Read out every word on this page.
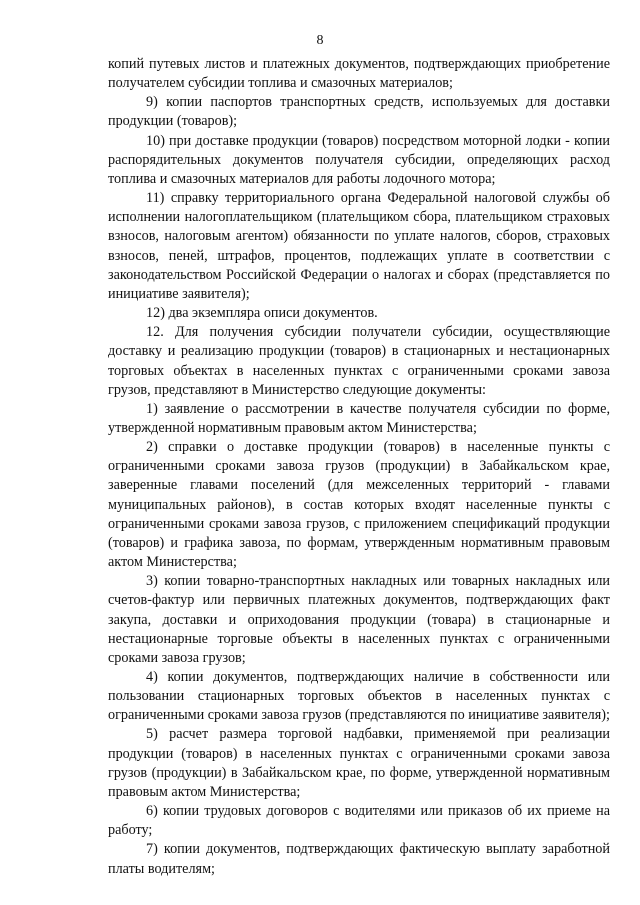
8

копий путевых листов и платежных документов, подтверждающих приобретение получателем субсидии топлива и смазочных материалов;

9) копии паспортов транспортных средств, используемых для доставки продукции (товаров);

10) при доставке продукции (товаров) посредством моторной лодки - копии распорядительных документов получателя субсидии, определяющих расход топлива и смазочных материалов для работы лодочного мотора;

11) справку территориального органа Федеральной налоговой службы об исполнении налогоплательщиком (плательщиком сбора, плательщиком страховых взносов, налоговым агентом) обязанности по уплате налогов, сборов, страховых взносов, пеней, штрафов, процентов, подлежащих уплате в соответствии с законодательством Российской Федерации о налогах и сборах (представляется по инициативе заявителя);

12) два экземпляра описи документов.

12. Для получения субсидии получатели субсидии, осуществляющие доставку и реализацию продукции (товаров) в стационарных и нестационарных торговых объектах в населенных пунктах с ограниченными сроками завоза грузов, представляют в Министерство следующие документы:

1) заявление о рассмотрении в качестве получателя субсидии по форме, утвержденной нормативным правовым актом Министерства;

2) справки о доставке продукции (товаров) в населенные пункты с ограниченными сроками завоза грузов (продукции) в Забайкальском крае, заверенные главами поселений (для межселенных территорий - главами муниципальных районов), в состав которых входят населенные пункты с ограниченными сроками завоза грузов, с приложением спецификаций продукции (товаров) и графика завоза, по формам, утвержденным нормативным правовым актом Министерства;

3) копии товарно-транспортных накладных или товарных накладных или счетов-фактур или первичных платежных документов, подтверждающих факт закупа, доставки и оприходования продукции (товара) в стационарные и нестационарные торговые объекты в населенных пунктах с ограниченными сроками завоза грузов;

4) копии документов, подтверждающих наличие в собственности или пользовании стационарных торговых объектов в населенных пунктах с ограниченными сроками завоза грузов (представляются по инициативе заявителя);

5) расчет размера торговой надбавки, применяемой при реализации продукции (товаров) в населенных пунктах с ограниченными сроками завоза грузов (продукции) в Забайкальском крае, по форме, утвержденной нормативным правовым актом Министерства;

6) копии трудовых договоров с водителями или приказов об их приеме на работу;

7) копии документов, подтверждающих фактическую выплату заработной платы водителям;
